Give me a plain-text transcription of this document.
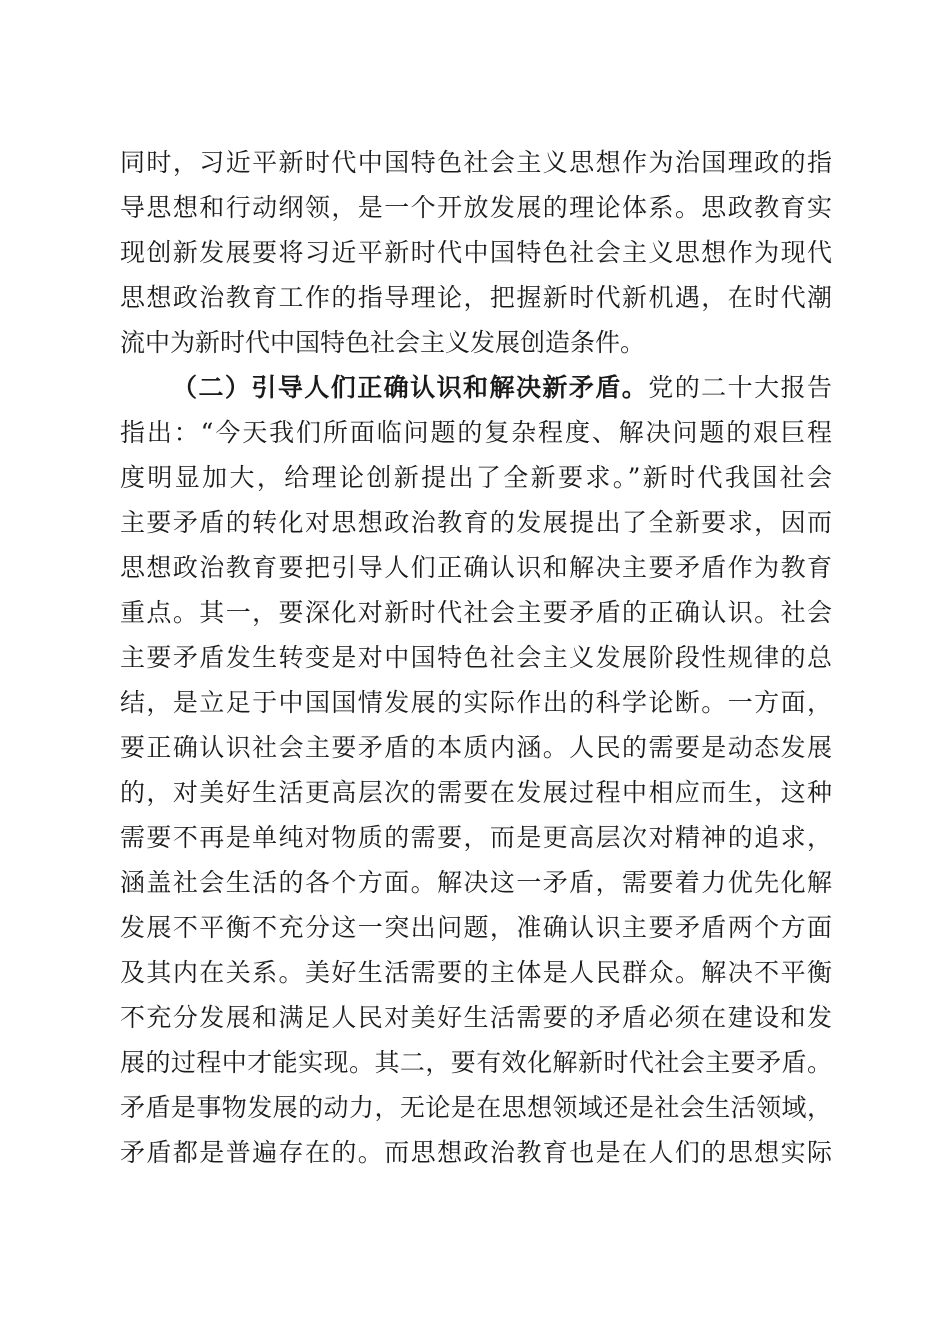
同时，习近平新时代中国特色社会主义思想作为治国理政的指
导思想和行动纲领，是一个开放发展的理论体系。思政教育实
现创新发展要将习近平新时代中国特色社会主义思想作为现代
思想政治教育工作的指导理论，把握新时代新机遇，在时代潮
流中为新时代中国特色社会主义发展创造条件。
（二）引导人们正确认识和解决新矛盾。党的二十大报告
指出：“今天我们所面临问题的复杂程度、解决问题的艰巨程
度明显加大，给理论创新提出了全新要求。”新时代我国社会
主要矛盾的转化对思想政治教育的发展提出了全新要求，因而
思想政治教育要把引导人们正确认识和解决主要矛盾作为教育
重点。其一，要深化对新时代社会主要矛盾的正确认识。社会
主要矛盾发生转变是对中国特色社会主义发展阶段性规律的总
结，是立足于中国国情发展的实际作出的科学论断。一方面，
要正确认识社会主要矛盾的本质内涵。人民的需要是动态发展
的，对美好生活更高层次的需要在发展过程中相应而生，这种
需要不再是单纯对物质的需要，而是更高层次对精神的追求，
涵盖社会生活的各个方面。解决这一矛盾，需要着力优先化解
发展不平衡不充分这一突出问题，准确认识主要矛盾两个方面
及其内在关系。美好生活需要的主体是人民群众。解决不平衡
不充分发展和满足人民对美好生活需要的矛盾必须在建设和发
展的过程中才能实现。其二，要有效化解新时代社会主要矛盾。
矛盾是事物发展的动力，无论是在思想领域还是社会生活领域，
矛盾都是普遍存在的。而思想政治教育也是在人们的思想实际
